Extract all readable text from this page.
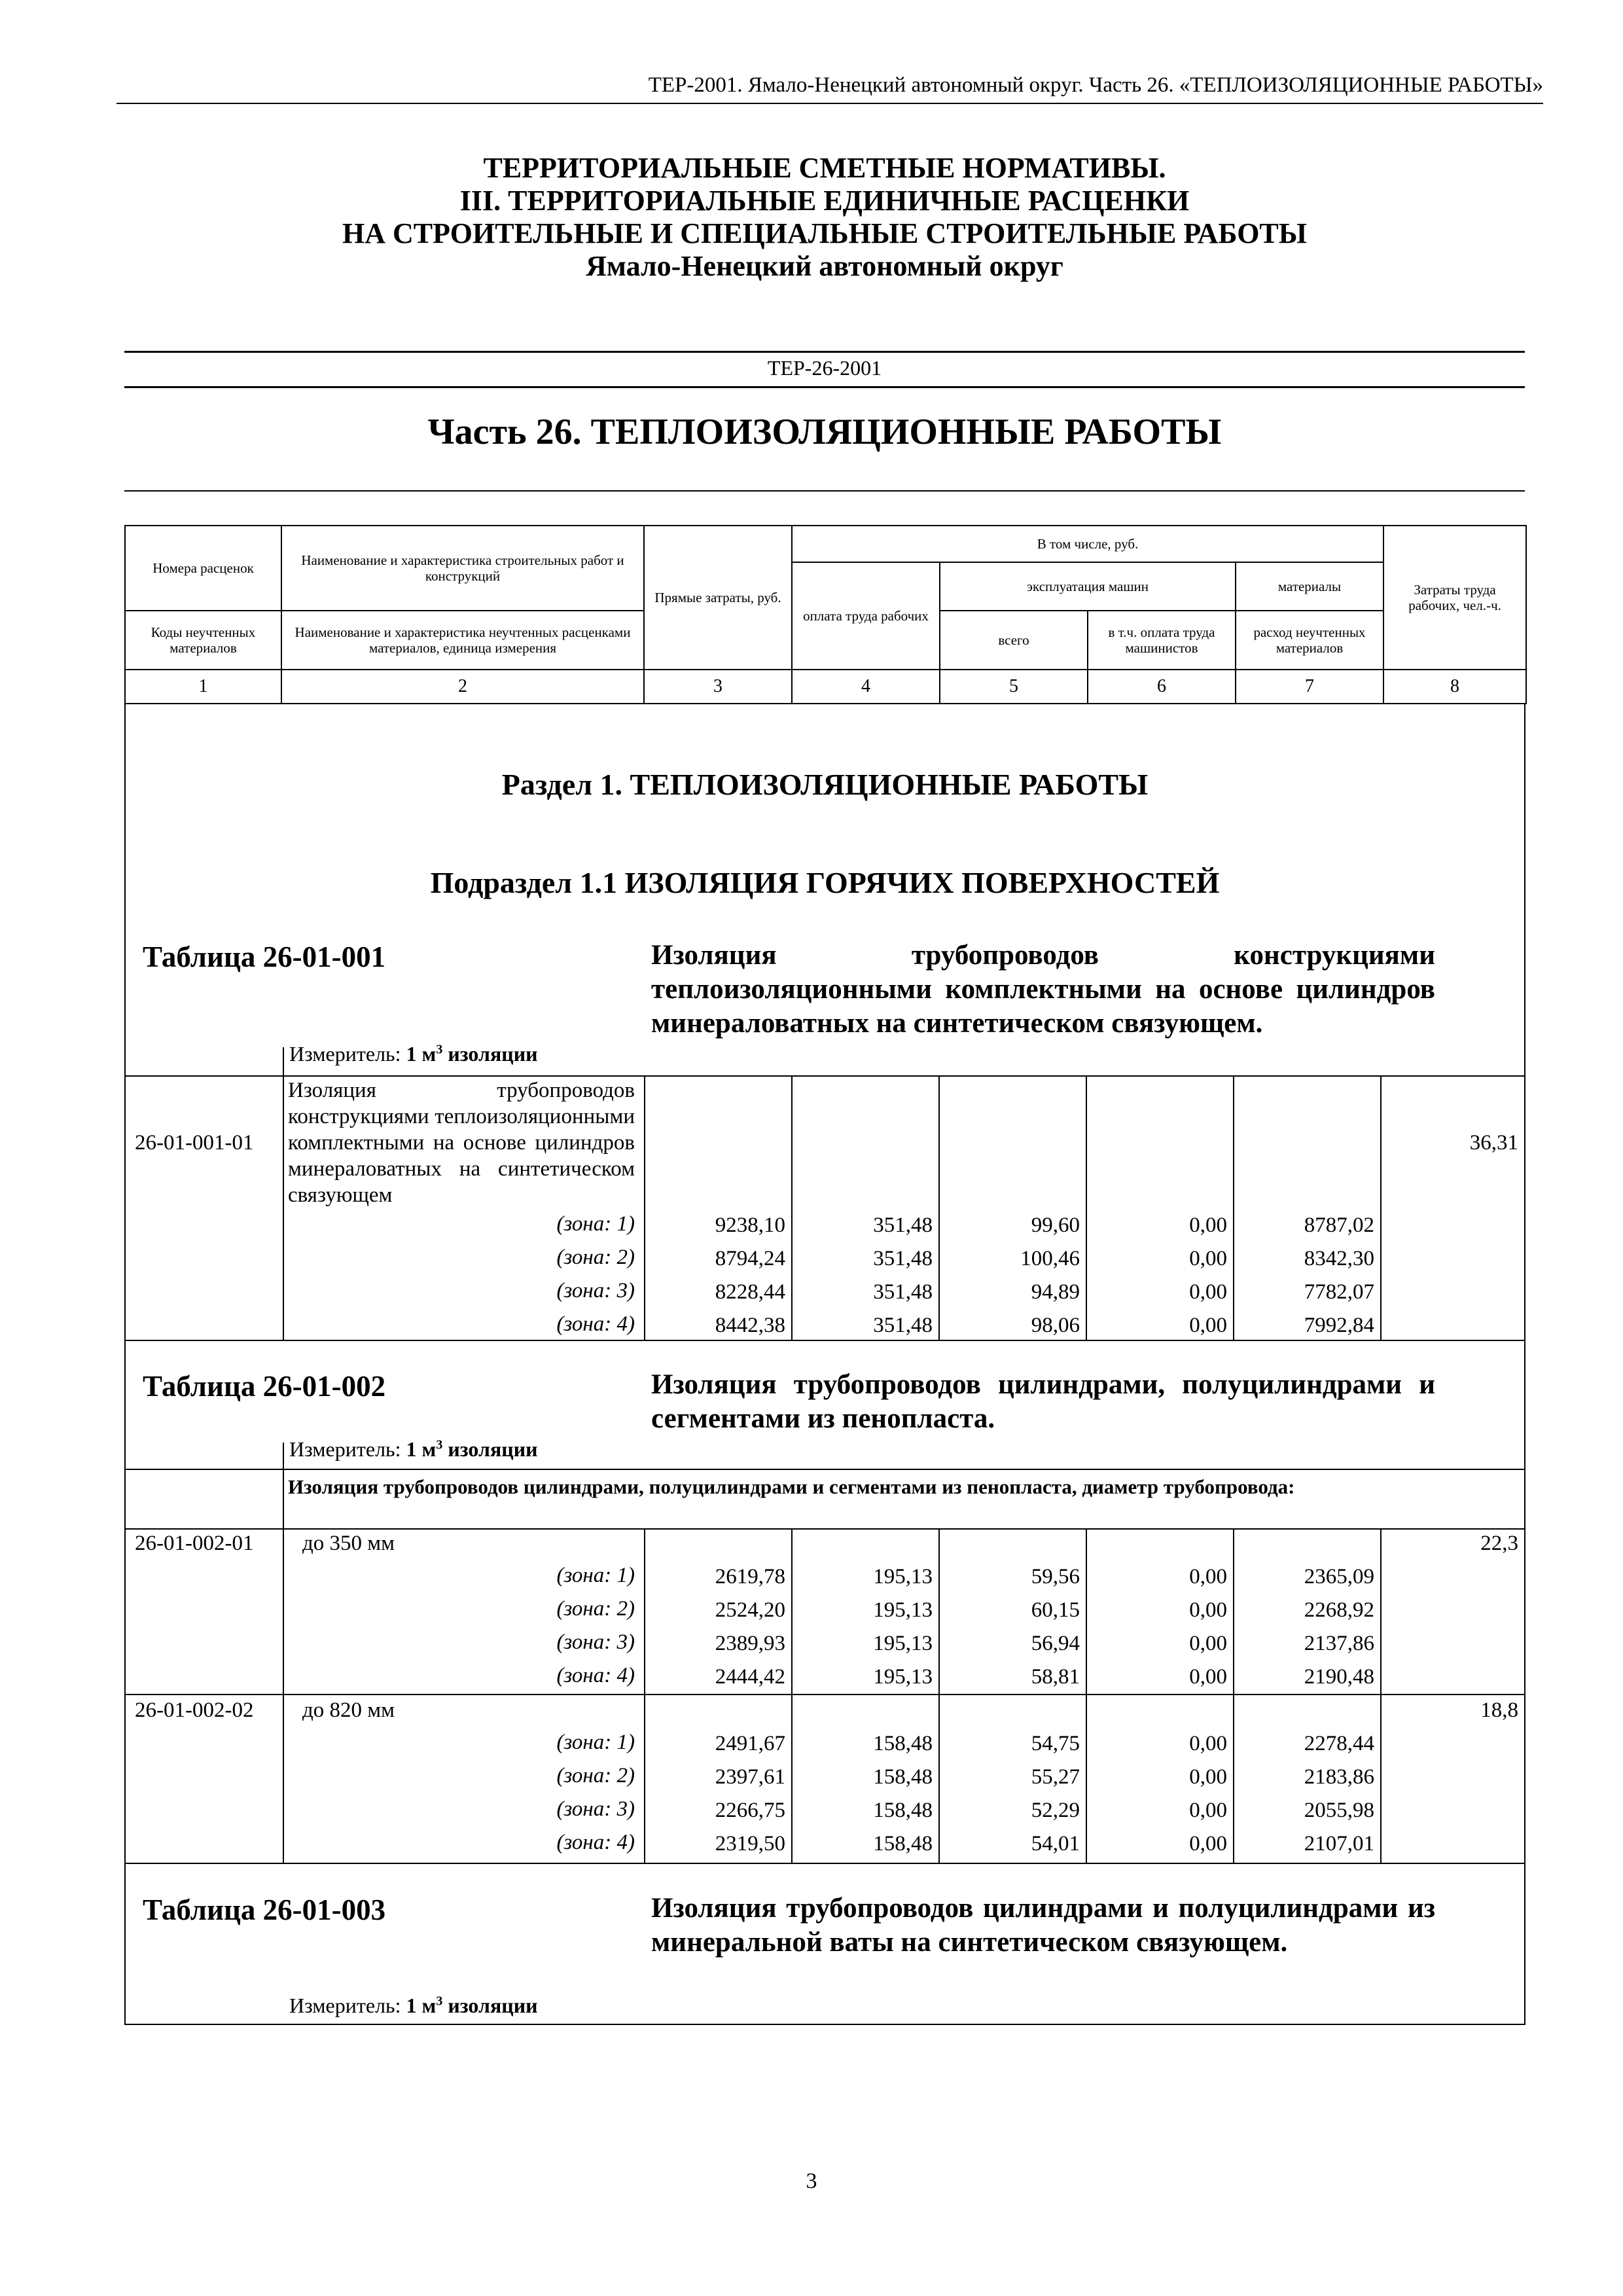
ТЕР-2001. Ямало-Ненецкий автономный округ. Часть 26. «ТЕПЛОИЗОЛЯЦИОННЫЕ РАБОТЫ»
ТЕРРИТОРИАЛЬНЫЕ СМЕТНЫЕ НОРМАТИВЫ.
III. ТЕРРИТОРИАЛЬНЫЕ ЕДИНИЧНЫЕ РАСЦЕНКИ
НА СТРОИТЕЛЬНЫЕ И СПЕЦИАЛЬНЫЕ СТРОИТЕЛЬНЫЕ РАБОТЫ
Ямало-Ненецкий автономный округ
ТЕР-26-2001
Часть 26. ТЕПЛОИЗОЛЯЦИОННЫЕ РАБОТЫ
Номера расценок	Наименование и характеристика строительных работ и конструкций	Прямые затраты, руб.	В том числе, руб.				Затраты труда рабочих, чел.-ч.
			оплата труда рабочих	эксплуатация машин		материалы	
Коды неучтенных материалов	Наименование и характеристика неучтенных расценками материалов, единица измерения			всего	в т.ч. оплата труда машинистов	расход неучтенных материалов	
1	2	3	4	5	6	7	8
Раздел 1. ТЕПЛОИЗОЛЯЦИОННЫЕ РАБОТЫ
Подраздел 1.1 ИЗОЛЯЦИЯ ГОРЯЧИХ ПОВЕРХНОСТЕЙ
Таблица 26-01-001	Изоляция трубопроводов конструкциями теплоизоляционными комплектными на основе цилиндров минераловатных на синтетическом связующем.
Измеритель: 1 $м^3$ изоляции
26-01-001-01
Изоляция трубопроводов конструкциями теплоизоляционными комплектными на основе цилиндров минераловатных на синтетическом связующем
36,31
(зона: 1)	9238,10	351,48	99,60	0,00	8787,02
(зона: 2)	8794,24	351,48	100,46	0,00	8342,30
(зона: 3)	8228,44	351,48	94,89	0,00	7782,07
(зона: 4)	8442,38	351,48	98,06	0,00	7992,84
Таблица 26-01-002	Изоляция трубопроводов цилиндрами, полуцилиндрами и сегментами из пенопласта.
Измеритель: 1 $м^3$ изоляции
Изоляция трубопроводов цилиндрами, полуцилиндрами и сегментами из пенопласта, диаметр трубопровода:
26-01-002-01 до 350 мм	22,3
(зона: 1)	2619,78	195,13	59,56	0,00	2365,09
(зона: 2)	2524,20	195,13	60,15	0,00	2268,92
(зона: 3)	2389,93	195,13	56,94	0,00	2137,86
(зона: 4)	2444,42	195,13	58,81	0,00	2190,48
26-01-002-02 до 820 мм	18,8
(зона: 1)	2491,67	158,48	54,75	0,00	2278,44
(зона: 2)	2397,61	158,48	55,27	0,00	2183,86
(зона: 3)	2266,75	158,48	52,29	0,00	2055,98
(зона: 4)	2319,50	158,48	54,01	0,00	2107,01
Таблица 26-01-003	Изоляция трубопроводов цилиндрами и полуцилиндрами из минеральной ваты на синтетическом связующем.
Измеритель: 1 $м^3$ изоляции
3
